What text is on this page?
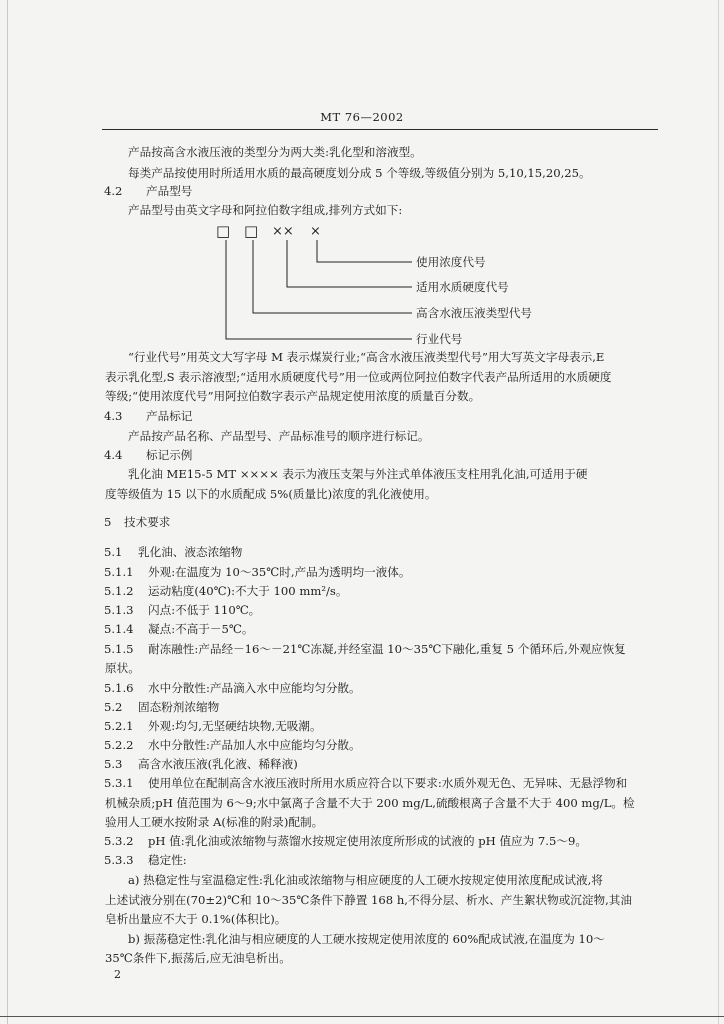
MT 76—2002
产品按高含水液压液的类型分为两大类:乳化型和溶液型。
每类产品按使用时所适用水质的最高硬度划分成 5 个等级,等级值分别为 5,10,15,20,25。
4.2 产品型号
产品型号由英文字母和阿拉伯数字组成,排列方式如下:
□ □ ×× ×
使用浓度代号
适用水质硬度代号
高含水液压液类型代号
行业代号
“行业代号”用英文大写字母 M 表示煤炭行业;“高含水液压液类型代号”用大写英文字母表示,E
表示乳化型,S 表示溶液型;“适用水质硬度代号”用一位或两位阿拉伯数字代表产品所适用的水质硬度
等级;“使用浓度代号”用阿拉伯数字表示产品规定使用浓度的质量百分数。
4.3 产品标记
产品按产品名称、产品型号、产品标准号的顺序进行标记。
4.4 标记示例
乳化油 ME15-5 MT ×××× 表示为液压支架与外注式单体液压支柱用乳化油,可适用于硬
度等级值为 15 以下的水质配成 5%(质量比)浓度的乳化液使用。
5 技术要求
5.1 乳化油、液态浓缩物
5.1.1 外观:在温度为 10～35℃时,产品为透明均一液体。
5.1.2 运动粘度(40℃):不大于 100 mm²/s。
5.1.3 闪点:不低于 110℃。
5.1.4 凝点:不高于－5℃。
5.1.5 耐冻融性:产品经－16～－21℃冻凝,并经室温 10～35℃下融化,重复 5 个循环后,外观应恢复
原状。
5.1.6 水中分散性:产品滴入水中应能均匀分散。
5.2 固态粉剂浓缩物
5.2.1 外观:均匀,无坚硬结块物,无吸潮。
5.2.2 水中分散性:产品加人水中应能均匀分散。
5.3 高含水液压液(乳化液、稀释液)
5.3.1 使用单位在配制高含水液压液时所用水质应符合以下要求:水质外观无色、无异味、无悬浮物和
机械杂质;pH 值范围为 6～9;水中氯离子含量不大于 200 mg/L,硫酸根离子含量不大于 400 mg/L。检
验用人工硬水按附录 A(标准的附录)配制。
5.3.2 pH 值:乳化油或浓缩物与蒸馏水按规定使用浓度所形成的试液的 pH 值应为 7.5～9。
5.3.3 稳定性:
a) 热稳定性与室温稳定性:乳化油或浓缩物与相应硬度的人工硬水按规定使用浓度配成试液,将
上述试液分别在(70±2)℃和 10～35℃条件下静置 168 h,不得分层、析水、产生絮状物或沉淀物,其油
皂析出量应不大于 0.1%(体积比)。
b) 振荡稳定性:乳化油与相应硬度的人工硬水按规定使用浓度的 60%配成试液,在温度为 10～
35℃条件下,振荡后,应无油皂析出。
2
